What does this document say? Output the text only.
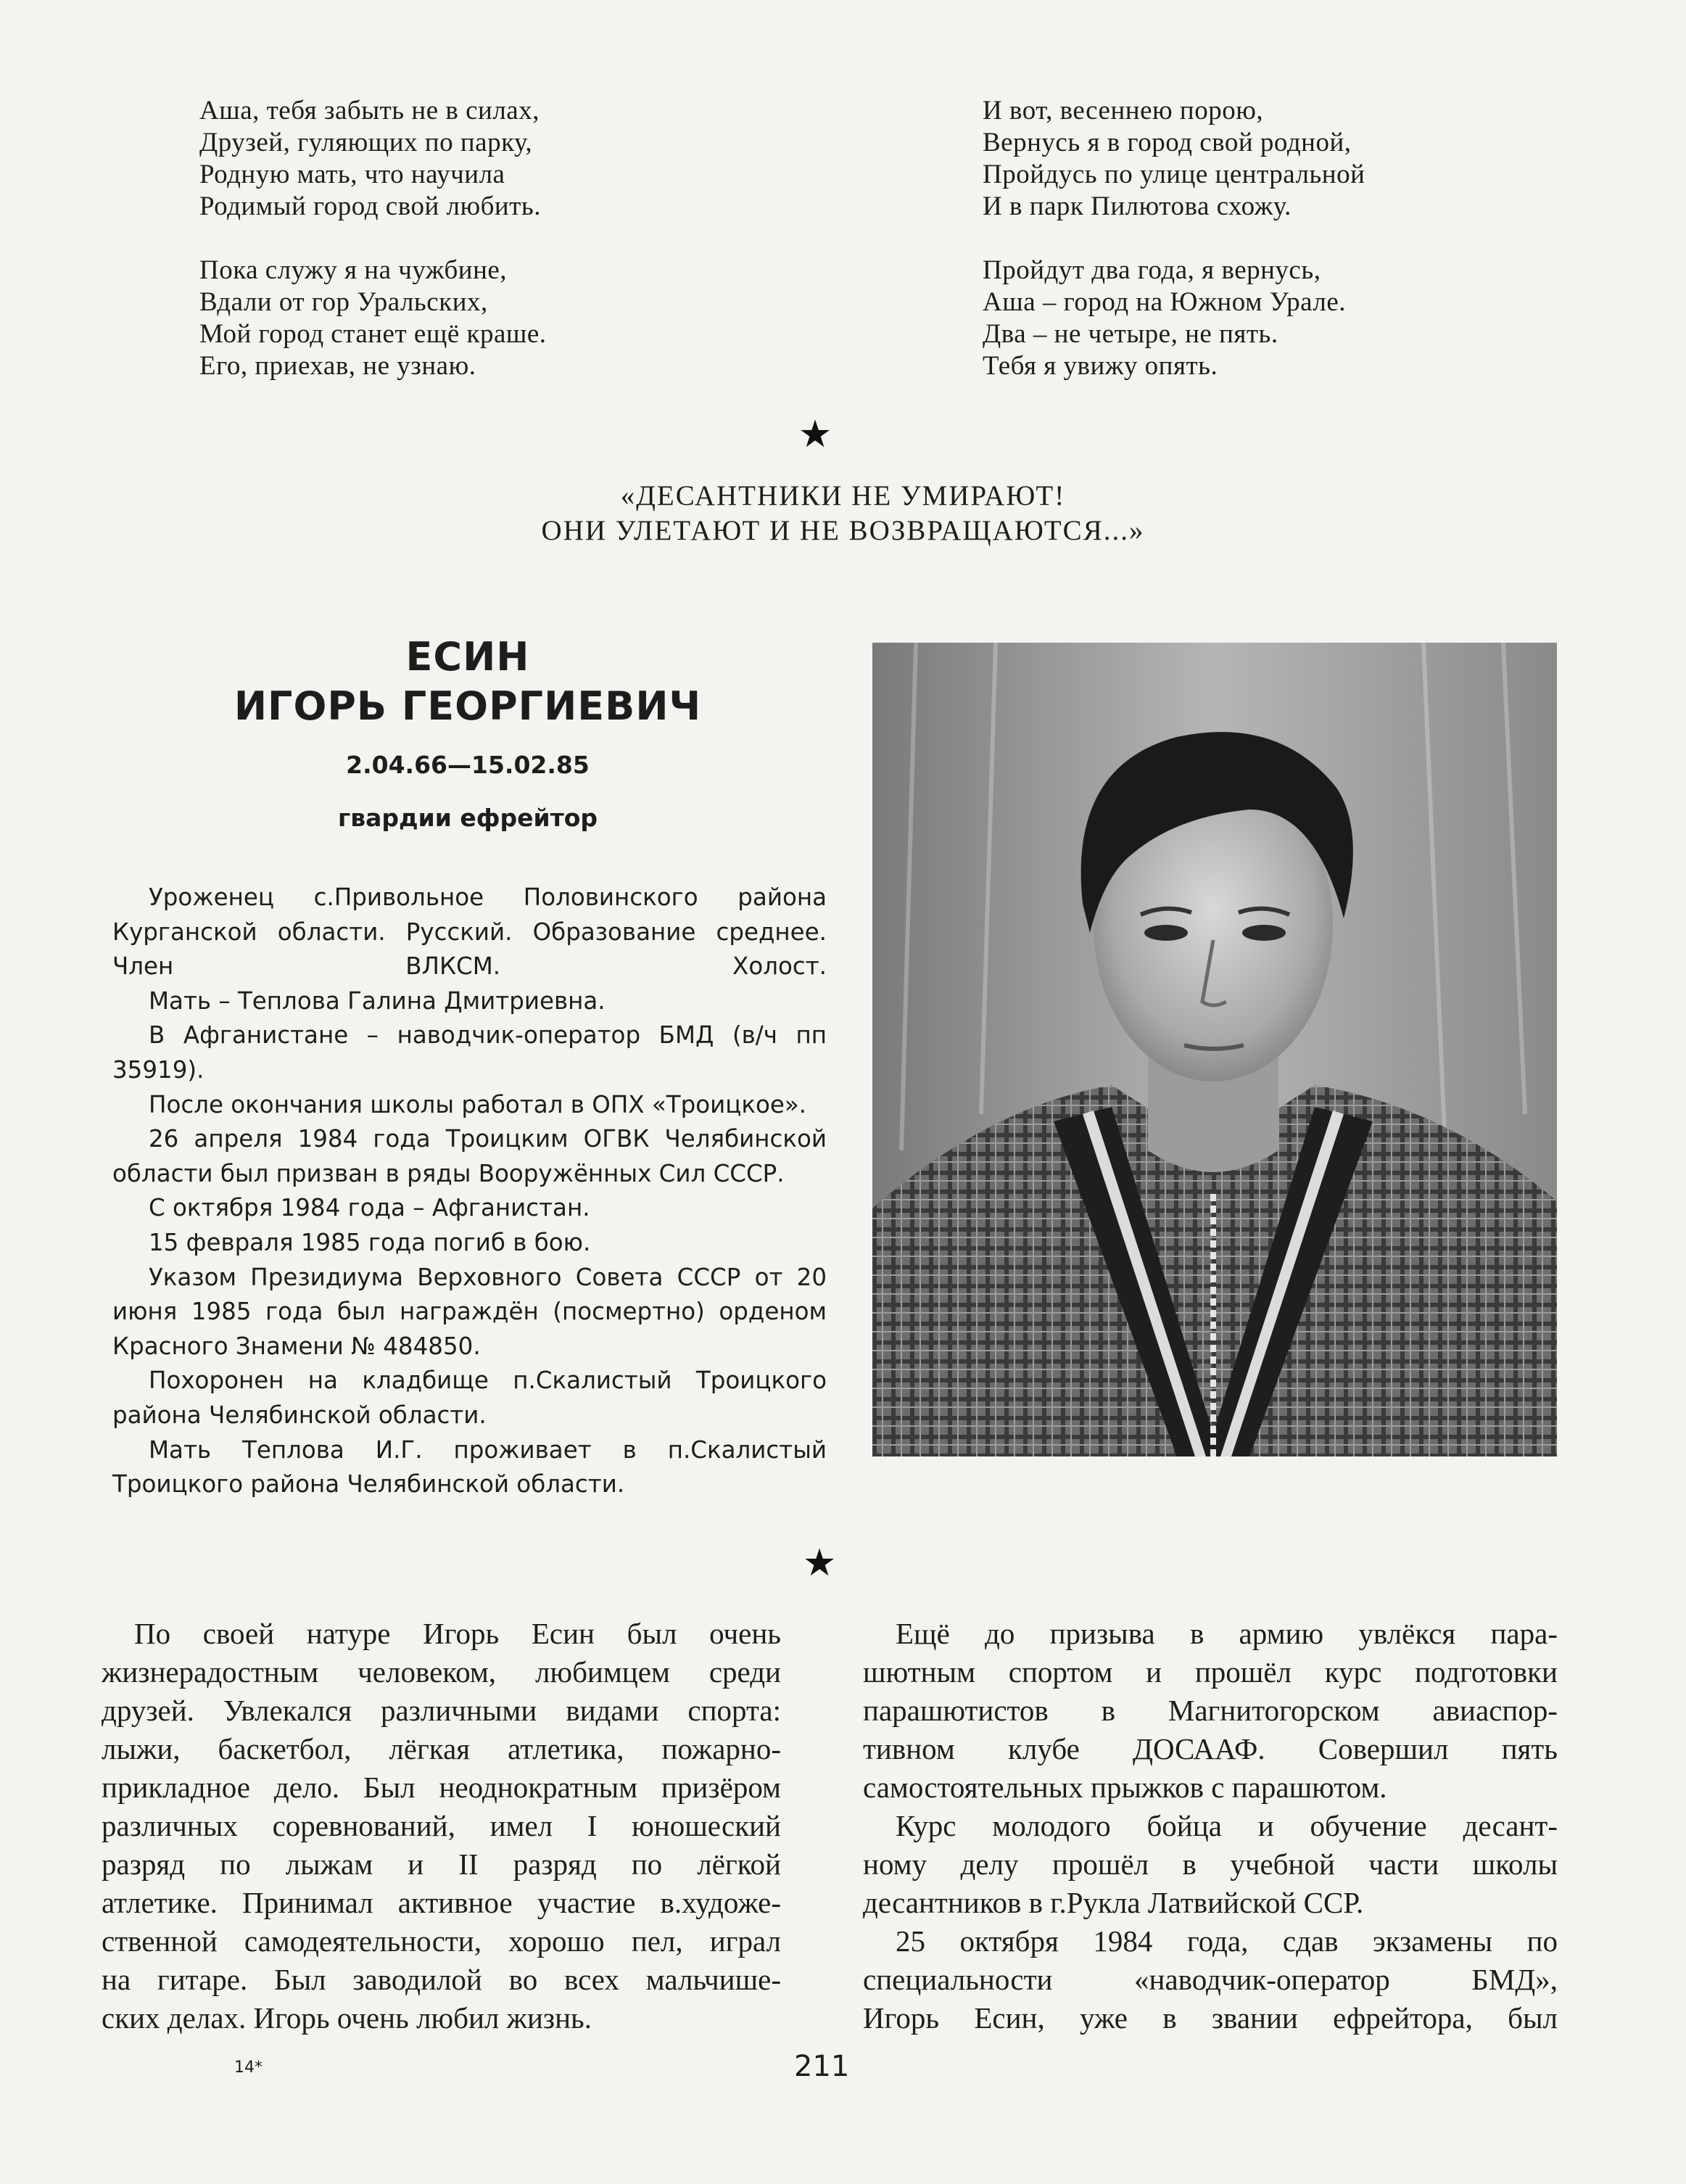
Аша, тебя забыть не в силах,
Друзей, гуляющих по парку,
Родную мать, что научила
Родимый город свой любить.
Пока служу я на чужбине,
Вдали от гор Уральских,
Мой город станет ещё краше.
Его, приехав, не узнаю.
И вот, весеннею порою,
Вернусь я в город свой родной,
Пройдусь по улице центральной
И в парк Пилютова схожу.
Пройдут два года, я вернусь,
Аша – город на Южном Урале.
Два – не четыре, не пять.
Тебя я увижу опять.
★
«ДЕСАНТНИКИ НЕ УМИРАЮТ!
ОНИ УЛЕТАЮТ И НЕ ВОЗВРАЩАЮТСЯ...»
ЕСИН
ИГОРЬ ГЕОРГИЕВИЧ
2.04.66—15.02.85
гвардии ефрейтор

Уроженец с.Привольное Половинского района Курганской области. Русский. Образование среднее. Член ВЛКСМ. Холост.

Мать – Теплова Галина Дмитриевна.

В Афганистане – наводчик-оператор БМД (в/ч пп 35919).

После окончания школы работал в ОПХ «Троицкое».

26 апреля 1984 года Троицким ОГВК Челябинской области был призван в ряды Вооружённых Сил СССР.

С октября 1984 года – Афганистан.

15 февраля 1985 года погиб в бою.

Указом Президиума Верховного Совета СССР от 20 июня 1985 года был награждён (посмертно) орденом Красного Знамени № 484850.

Похоронен на кладбище п.Скалистый Троицкого района Челябинской области.

Мать Теплова И.Г. проживает в п.Скалистый Троицкого района Челябинской области.

★

По своей натуре Игорь Есин был очень
жизнерадостным человеком, любимцем среди
друзей. Увлекался различными видами спорта:
лыжи, баскетбол, лёгкая атлетика, пожарно-
прикладное дело. Был неоднократным призёром
различных соревнований, имел I юношеский
разряд по лыжам и II разряд по лёгкой
атлетике. Принимал активное участие в.художе-
ственной самодеятельности, хорошо пел, играл
на гитаре. Был заводилой во всех мальчише-
ских делах. Игорь очень любил жизнь.

Ещё до призыва в армию увлёкся пара-
шютным спортом и прошёл курс подготовки
парашютистов в Магнитогорском авиаспор-
тивном клубе ДОСААФ. Совершил пять
самостоятельных прыжков с парашютом.

Курс молодого бойца и обучение десант-
ному делу прошёл в учебной части школы
десантников в г.Рукла Латвийской ССР.

25 октября 1984 года, сдав экзамены по
специальности «наводчик-оператор БМД»,
Игорь Есин, уже в звании ефрейтора, был

14*	211
